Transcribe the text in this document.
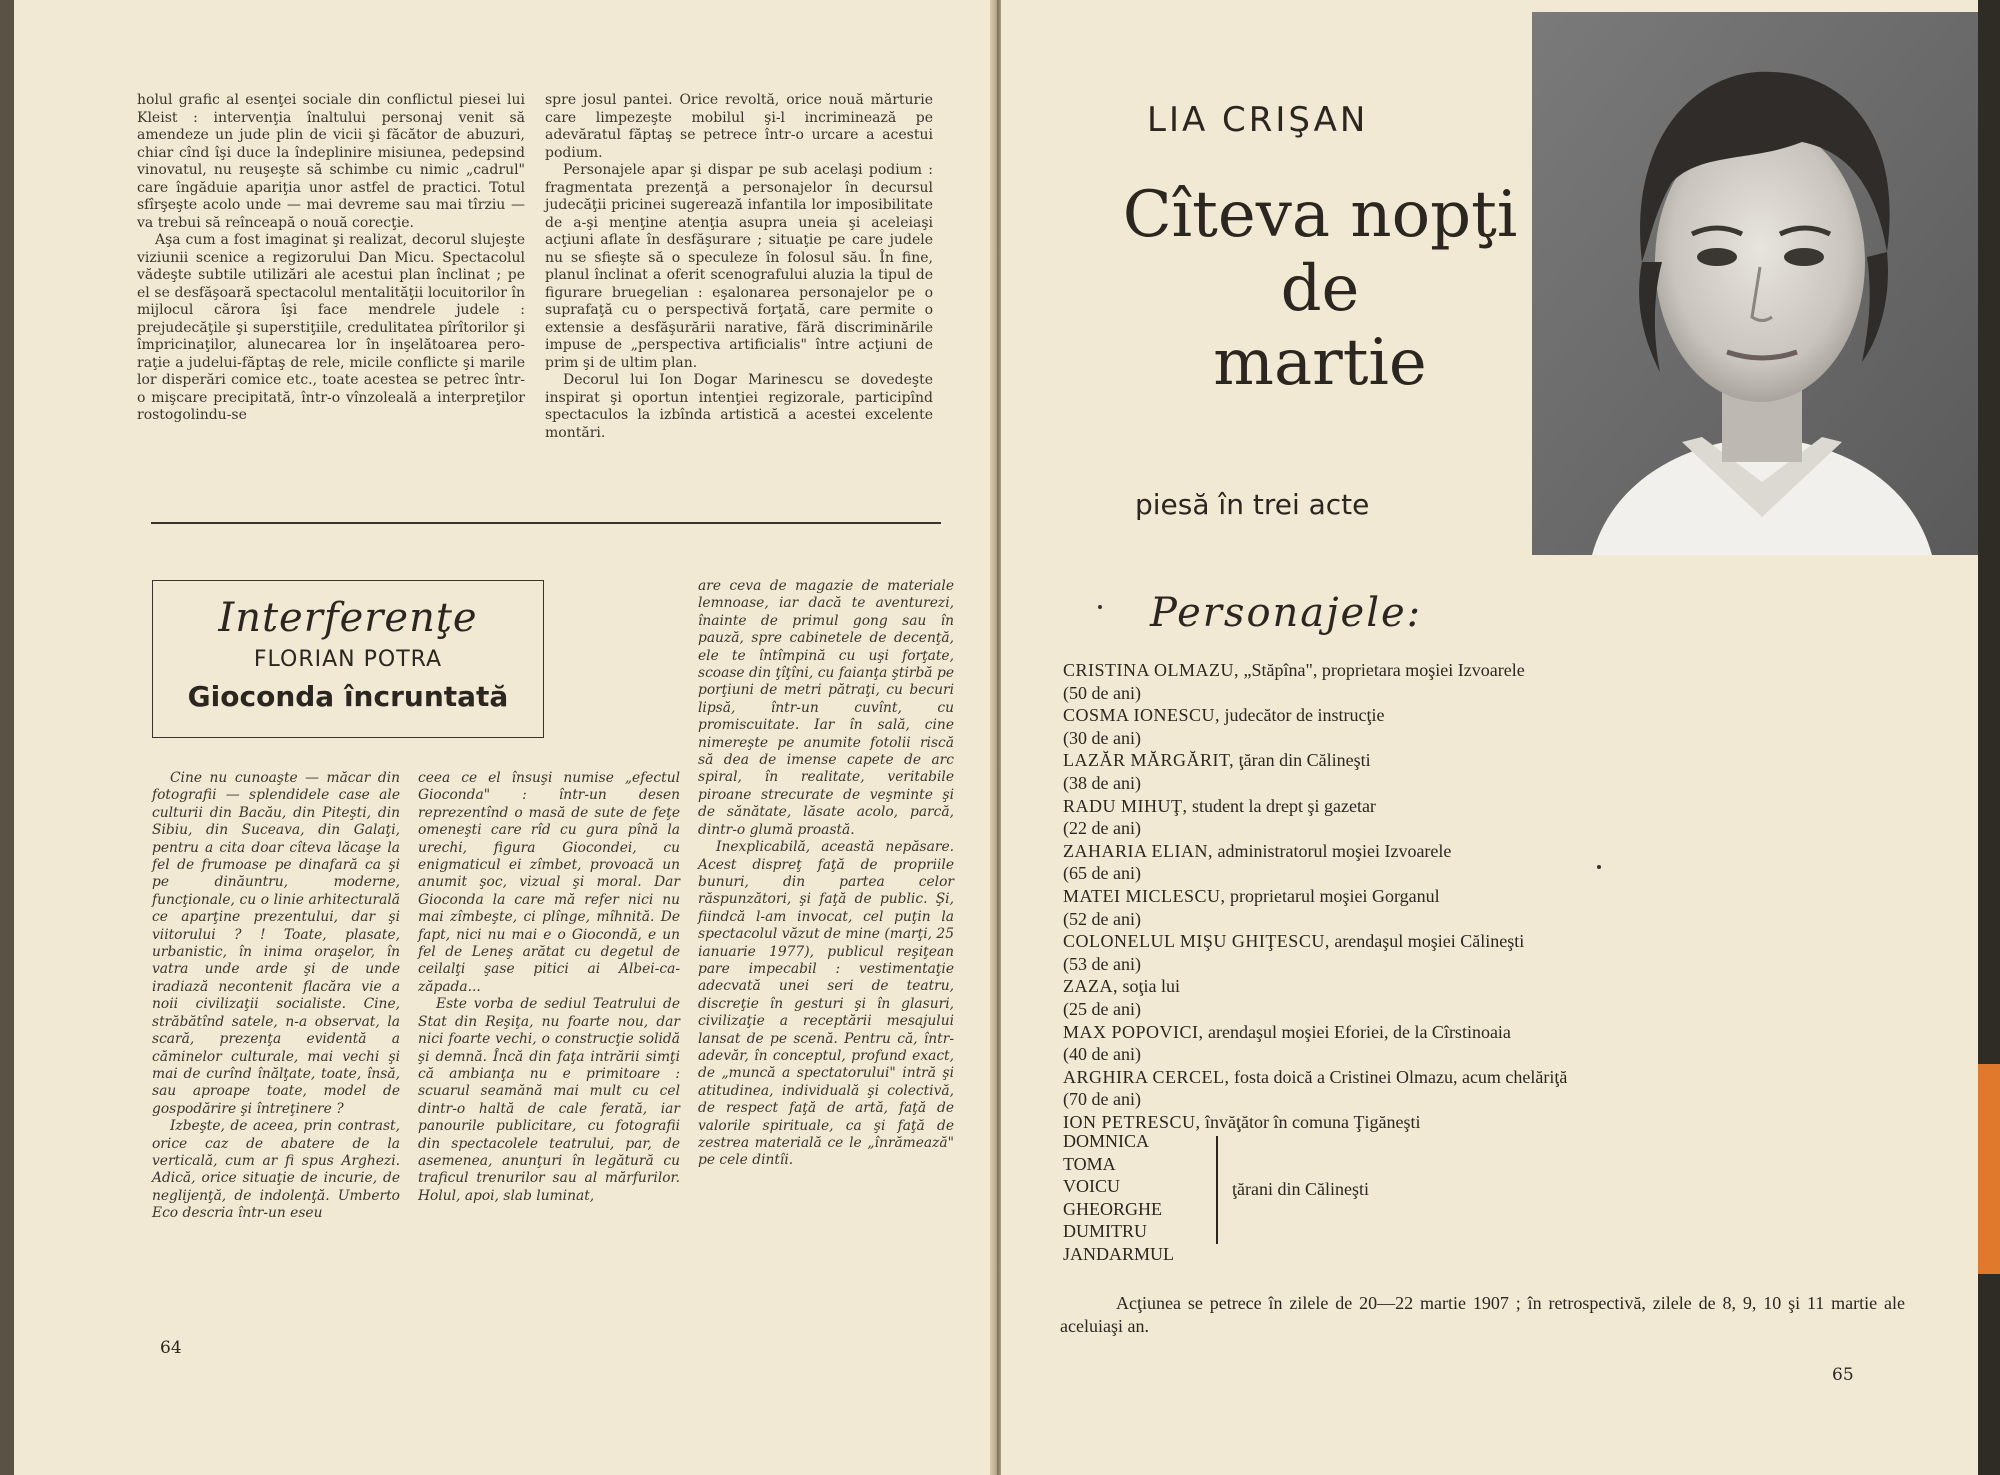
holul grafic al esenţei sociale din conflictul piesei lui Kleist : intervenţia înaltului personaj venit să amendeze un jude plin de vicii şi făcător de abuzuri, chiar cînd îşi duce la îndeplinire misiunea, pedepsind vinovatul, nu reuşeşte să schimbe cu nimic „cadrul" care îngăduie apariţia unor astfel de practici. Totul sfîrşeşte acolo unde — mai devreme sau mai tîrziu — va trebui să reînceapă o nouă corecţie.

Aşa cum a fost imaginat şi realizat, decorul slujeşte viziunii scenice a regizorului Dan Micu. Spectacolul vădeşte subtile utilizări ale acestui plan înclinat ; pe el se desfăşoară spectacolul mentalităţii locuitorilor în mijlocul cărora îşi face mendrele judele : prejudecăţile şi superstiţiile, credulitatea pîrîtorilor şi împricinaţilor, alunecarea lor în inşelătoarea pero-raţie a judelui-făptaş de rele, micile conflicte şi marile lor disperări comice etc., toate acestea se petrec într-o mişcare precipitată, într-o vînzoleală a interpreţilor rostogolindu-se

spre josul pantei. Orice revoltă, orice nouă mărturie care limpezeşte mobilul şi-l incriminează pe adevăratul făptaş se petrece într-o urcare a acestui podium.

Personajele apar şi dispar pe sub acelaşi podium : fragmentata prezenţă a personajelor în decursul judecăţii pricinei sugerează infantila lor imposibilitate de a-şi menţine atenţia asupra uneia şi aceleiaşi acţiuni aflate în desfăşurare ; situaţie pe care judele nu se sfieşte să o speculeze în folosul său. În fine, planul înclinat a oferit scenografului aluzia la tipul de figurare bruegelian : eşalonarea personajelor pe o suprafaţă cu o perspectivă forţată, care permite o extensie a desfăşurării narative, fără discriminările impuse de „perspectiva artificialis" între acţiuni de prim şi de ultim plan.

Decorul lui Ion Dogar Marinescu se dovedeşte inspirat şi oportun intenţiei regizorale, participînd spectaculos la izbînda artistică a acestei excelente montări.

Interferenţe
FLORIAN POTRA
Gioconda încruntată

Cine nu cunoaşte — măcar din fotografii — splendidele case ale culturii din Bacău, din Piteşti, din Sibiu, din Suceava, din Galaţi, pentru a cita doar cîteva lăcaşe la fel de frumoase pe dinafară ca şi pe dinăuntru, moderne, funcţionale, cu o linie arhitecturală ce aparţine prezentului, dar şi viitorului ? ! Toate, plasate, urbanistic, în inima oraşelor, în vatra unde arde şi de unde iradiază necontenit flacăra vie a noii civilizaţii socialiste. Cine, străbătînd satele, n-a observat, la scară, prezenţa evidentă a căminelor culturale, mai vechi şi mai de curînd înălţate, toate, însă, sau aproape toate, model de gospodărire şi întreţinere ?

Izbeşte, de aceea, prin contrast, orice caz de abatere de la verticală, cum ar fi spus Arghezi. Adică, orice situaţie de incurie, de neglijenţă, de indolenţă. Umberto Eco descria într-un eseu

ceea ce el însuşi numise „efectul Gioconda" : într-un desen reprezentînd o masă de sute de feţe omeneşti care rîd cu gura pînă la urechi, figura Giocondei, cu enigmaticul ei zîmbet, provoacă un anumit şoc, vizual şi moral. Dar Gioconda la care mă refer nici nu mai zîmbeşte, ci plînge, mîhnită. De fapt, nici nu mai e o Giocondă, e un fel de Leneş arătat cu degetul de ceilalţi şase pitici ai Albei-ca-zăpada...

Este vorba de sediul Teatrului de Stat din Reşiţa, nu foarte nou, dar nici foarte vechi, o construcţie solidă şi demnă. Încă din faţa intrării simţi că ambianţa nu e primitoare : scuarul seamănă mai mult cu cel dintr-o haltă de cale ferată, iar panourile publicitare, cu fotografii din spectacolele teatrului, par, de asemenea, anunţuri în legătură cu traficul trenurilor sau al mărfurilor. Holul, apoi, slab luminat,

are ceva de magazie de materiale lemnoase, iar dacă te aventurezi, înainte de primul gong sau în pauză, spre cabinetele de decenţă, ele te întîmpină cu uşi forţate, scoase din ţîţîni, cu faianţa ştirbă pe porţiuni de metri pătraţi, cu becuri lipsă, într-un cuvînt, cu promiscuitate. Iar în sală, cine nimereşte pe anumite fotolii riscă să dea de imense capete de arc spiral, în realitate, veritabile piroane strecurate de veşminte şi de sănătate, lăsate acolo, parcă, dintr-o glumă proastă.

Inexplicabilă, această nepăsare. Acest dispreţ faţă de propriile bunuri, din partea celor răspunzători, şi faţă de public. Şi, fiindcă l-am invocat, cel puţin la spectacolul văzut de mine (marţi, 25 ianuarie 1977), publicul reşiţean pare impecabil : vestimentaţie adecvată unei seri de teatru, discreţie în gesturi şi în glasuri, civilizaţie a receptării mesajului lansat de pe scenă. Pentru că, într-adevăr, în conceptul, profund exact, de „muncă a spectatorului" intră şi atitudinea, individuală şi colectivă, de respect faţă de artă, faţă de valorile spirituale, ca şi faţă de zestrea materială ce le „înrămează" pe cele dintîi.

64
LIA CRIŞAN
Cîteva nopţi
de
martie
piesă în trei acte
Personajele:
CRISTINA OLMAZU, „Stăpîna", proprietara moşiei Izvoarele
(50 de ani)
COSMA IONESCU, judecător de instrucţie
(30 de ani)
LAZĂR MĂRGĂRIT, ţăran din Călineşti
(38 de ani)
RADU MIHUŢ, student la drept şi gazetar
(22 de ani)
ZAHARIA ELIAN, administratorul moşiei Izvoarele
(65 de ani)
MATEI MICLESCU, proprietarul moşiei Gorganul
(52 de ani)
COLONELUL MIŞU GHIŢESCU, arendaşul moşiei Călineşti
(53 de ani)
ZAZA, soţia lui
(25 de ani)
MAX POPOVICI, arendaşul moşiei Eforiei, de la Cîrstinoaia
(40 de ani)
ARGHIRA CERCEL, fosta doică a Cristinei Olmazu, acum chelăriţă
(70 de ani)
ION PETRESCU, învăţător în comuna Ţigăneşti
DOMNICA
TOMA
VOICU
GHEORGHE
DUMITRU
JANDARMUL
ţărani din Călineşti
Acţiunea se petrece în zilele de 20—22 martie 1907 ; în retrospectivă, zilele de 8, 9, 10 şi 11 martie ale aceluiaşi an.
65
